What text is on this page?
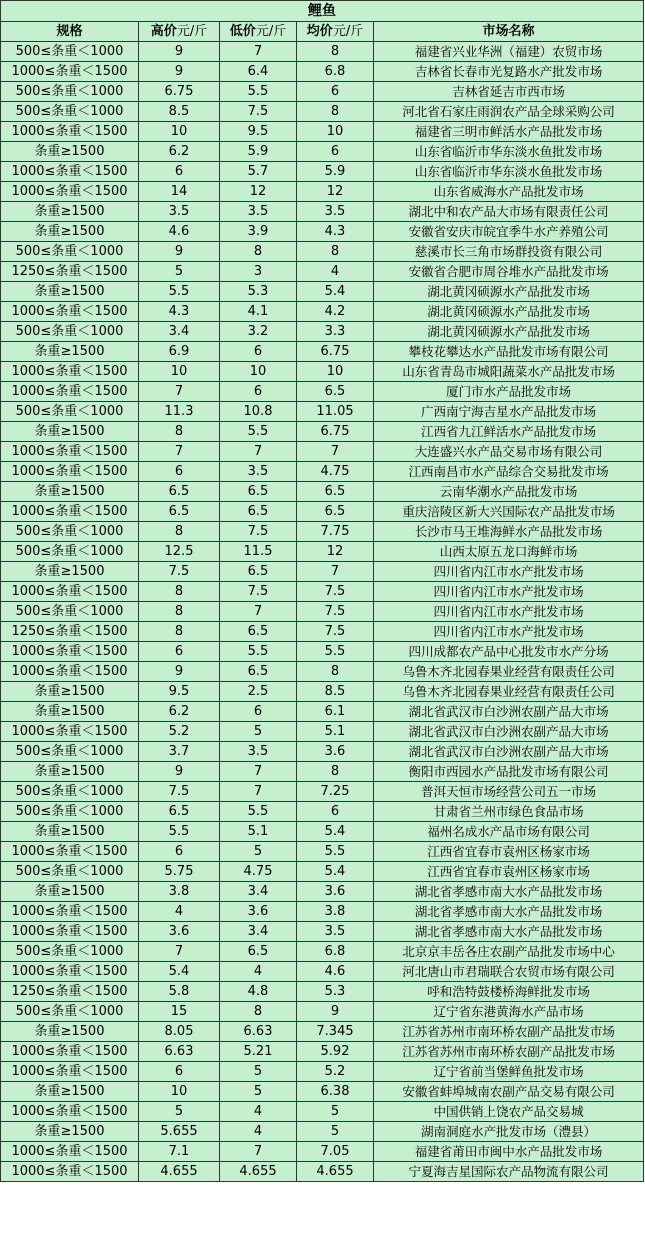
鲤鱼				
规格	高价元/斤	低价元/斤	均价元/斤	市场名称
500≤条重＜1000	9	7	8	福建省兴业华洲（福建）农贸市场
1000≤条重＜1500	9	6.4	6.8	吉林省长春市光复路水产批发市场
500≤条重＜1000	6.75	5.5	6	吉林省延吉市西市场
500≤条重＜1000	8.5	7.5	8	河北省石家庄雨润农产品全球采购公司
1000≤条重＜1500	10	9.5	10	福建省三明市鲜活水产品批发市场
条重≥1500	6.2	5.9	6	山东省临沂市华东淡水鱼批发市场
1000≤条重＜1500	6	5.7	5.9	山东省临沂市华东淡水鱼批发市场
1000≤条重＜1500	14	12	12	山东省威海水产品批发市场
条重≥1500	3.5	3.5	3.5	湖北中和农产品大市场有限责任公司
条重≥1500	4.6	3.9	4.3	安徽省安庆市皖宜季牛水产养殖公司
500≤条重＜1000	9	8	8	慈溪市长三角市场群投资有限公司
1250≤条重＜1500	5	3	4	安徽省合肥市周谷堆水产品批发市场
条重≥1500	5.5	5.3	5.4	湖北黄冈硕源水产品批发市场
1000≤条重＜1500	4.3	4.1	4.2	湖北黄冈硕源水产品批发市场
500≤条重＜1000	3.4	3.2	3.3	湖北黄冈硕源水产品批发市场
条重≥1500	6.9	6	6.75	攀枝花攀达水产品批发市场有限公司
1000≤条重＜1500	10	10	10	山东省青岛市城阳蔬菜水产品批发市场
1000≤条重＜1500	7	6	6.5	厦门市水产品批发市场
500≤条重＜1000	11.3	10.8	11.05	广西南宁海吉星水产品批发市场
条重≥1500	8	5.5	6.75	江西省九江鲜活水产品批发市场
1000≤条重＜1500	7	7	7	大连盛兴水产品交易市场有限公司
1000≤条重＜1500	6	3.5	4.75	江西南昌市水产品综合交易批发市场
条重≥1500	6.5	6.5	6.5	云南华潮水产品批发市场
1000≤条重＜1500	6.5	6.5	6.5	重庆涪陵区新大兴国际农产品批发市场
500≤条重＜1000	8	7.5	7.75	长沙市马王堆海鲜水产品批发市场
500≤条重＜1000	12.5	11.5	12	山西太原五龙口海鲜市场
条重≥1500	7.5	6.5	7	四川省内江市水产批发市场
1000≤条重＜1500	8	7.5	7.5	四川省内江市水产批发市场
500≤条重＜1000	8	7	7.5	四川省内江市水产批发市场
1250≤条重＜1500	8	6.5	7.5	四川省内江市水产批发市场
1000≤条重＜1500	6	5.5	5.5	四川成都农产品中心批发市水产分场
1000≤条重＜1500	9	6.5	8	乌鲁木齐北园春果业经营有限责任公司
条重≥1500	9.5	2.5	8.5	乌鲁木齐北园春果业经营有限责任公司
条重≥1500	6.2	6	6.1	湖北省武汉市白沙洲农副产品大市场
1000≤条重＜1500	5.2	5	5.1	湖北省武汉市白沙洲农副产品大市场
500≤条重＜1000	3.7	3.5	3.6	湖北省武汉市白沙洲农副产品大市场
条重≥1500	9	7	8	衡阳市西园水产品批发市场有限公司
500≤条重＜1000	7.5	7	7.25	普洱天恒市场经营公司五一市场
500≤条重＜1000	6.5	5.5	6	甘肃省兰州市绿色食品市场
条重≥1500	5.5	5.1	5.4	福州名成水产品市场有限公司
1000≤条重＜1500	6	5	5.5	江西省宜春市袁州区杨家市场
500≤条重＜1000	5.75	4.75	5.4	江西省宜春市袁州区杨家市场
条重≥1500	3.8	3.4	3.6	湖北省孝感市南大水产品批发市场
1000≤条重＜1500	4	3.6	3.8	湖北省孝感市南大水产品批发市场
1000≤条重＜1500	3.6	3.4	3.5	湖北省孝感市南大水产品批发市场
500≤条重＜1000	7	6.5	6.8	北京京丰岳各庄农副产品批发市场中心
1000≤条重＜1500	5.4	4	4.6	河北唐山市君瑞联合农贸市场有限公司
1250≤条重＜1500	5.8	4.8	5.3	呼和浩特鼓楼桥海鲜批发市场
500≤条重＜1000	15	8	9	辽宁省东港黄海水产品市场
条重≥1500	8.05	6.63	7.345	江苏省苏州市南环桥农副产品批发市场
1000≤条重＜1500	6.63	5.21	5.92	江苏省苏州市南环桥农副产品批发市场
1000≤条重＜1500	6	5	5.2	辽宁省前当堡鲜鱼批发市场
条重≥1500	10	5	6.38	安徽省蚌埠城南农副产品交易有限公司
1000≤条重＜1500	5	4	5	中国供销上饶农产品交易城
条重≥1500	5.655	4	5	湖南洞庭水产批发市场（澧县）
1000≤条重＜1500	7.1	7	7.05	福建省莆田市闽中水产品批发市场
1000≤条重＜1500	4.655	4.655	4.655	宁夏海吉星国际农产品物流有限公司
